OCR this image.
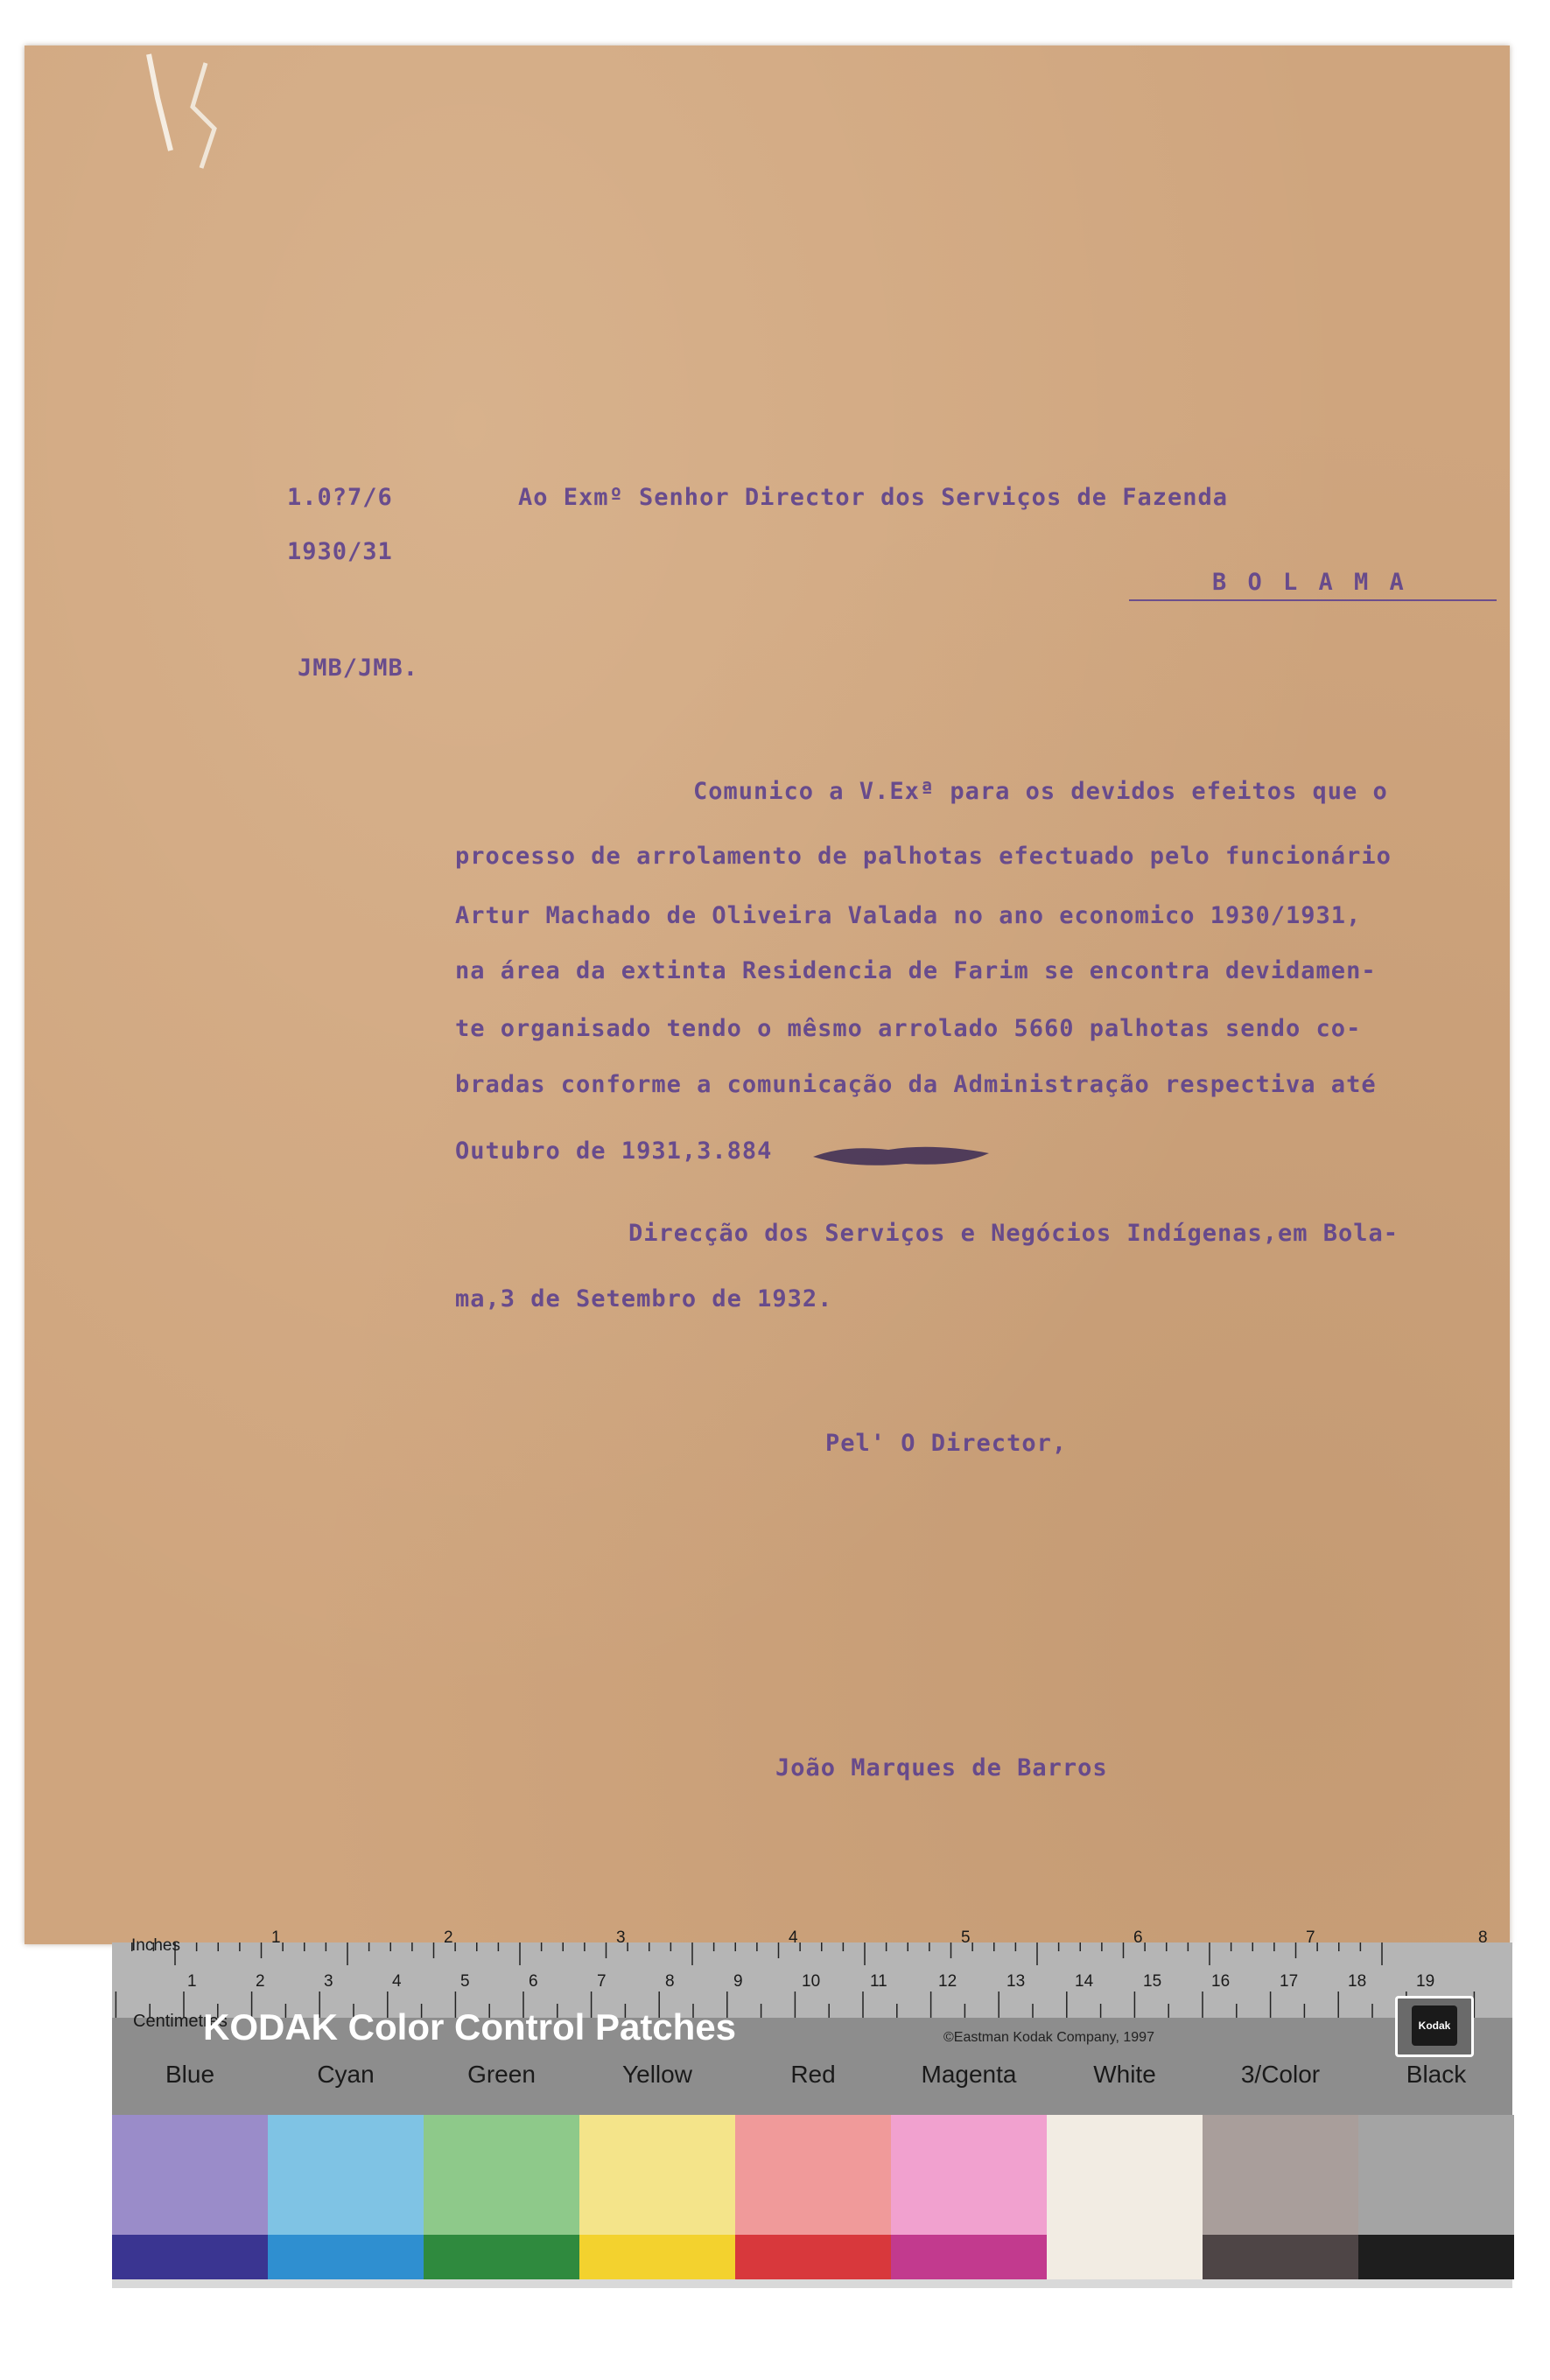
1.0?7/6
1930/31
Ao Exmº Senhor Director dos Serviços de Fazenda
B O L A M A
JMB/JMB.
Comunico a V.Exª para os devidos efeitos que o
processo de arrolamento de palhotas efectuado pelo funcionário
Artur Machado de Oliveira Valada no ano economico 1930/1931,
na área da extinta Residencia de Farim se encontra devidamen-
te organisado tendo o mêsmo arrolado 5660 palhotas sendo co-
bradas conforme a comunicação da Administração respectiva até
Outubro de 1931,3.884
Direcção dos Serviços e Negócios Indígenas,em Bola-
ma,3 de Setembro de 1932.
Pel' O Director,
João Marques de Barros
Inches
Centimetres
1	2	3	4	5	6	7	8
1	2	3	4	5	6	7	8	9	10	11	12	13	14	15	16	17	18	19
KODAK Color Control Patches	©Eastman Kodak Company, 1997
Kodak
Blue	Cyan	Green	Yellow	Red	Magenta	White	3/Color	Black
